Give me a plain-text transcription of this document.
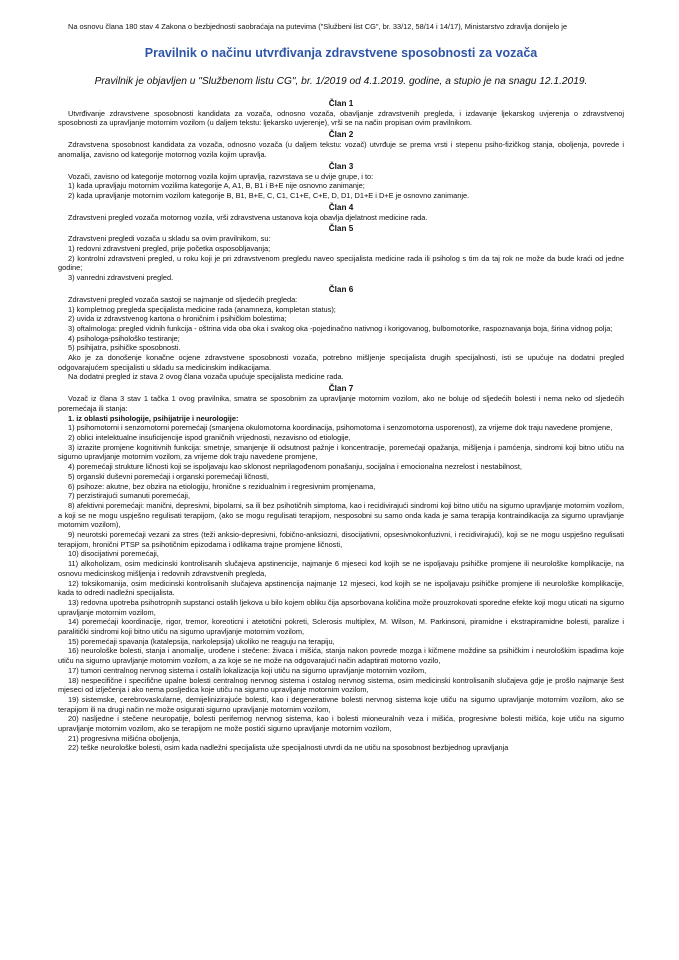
Na osnovu člana 180 stav 4 Zakona o bezbjednosti saobraćaja na putevima ("Službeni list CG", br. 33/12, 58/14 i 14/17), Ministarstvo zdravlja donijelo je

Pravilnik o načinu utvrđivanja zdravstvene sposobnosti za vozača

Pravilnik je objavljen u "Službenom listu CG", br. 1/2019 od 4.1.2019. godine, a stupio je na snagu 12.1.2019.

Član 1

Utvrđivanje zdravstvene sposobnosti kandidata za vozača, odnosno vozača, obavljanje zdravstvenih pregleda, i izdavanje ljekarskog uvjerenja o zdravstvenoj sposobnosti za upravljanje motornim vozilom (u daljem tekstu: ljekarsko uvjerenje), vrši se na način propisan ovim pravilnikom.

Član 2

Zdravstvena sposobnost kandidata za vozača, odnosno vozača (u daljem tekstu: vozač) utvrđuje se prema vrsti i stepenu psiho-fizičkog stanja, oboljenja, povrede i anomalija, zavisno od kategorije motornog vozila kojim upravlja.

Član 3

Vozači, zavisno od kategorije motornog vozila kojim upravlja, razvrstava se u dvije grupe, i to:

1) kada upravljaju motornim vozilima kategorije A, A1, B, B1 i B+E nije osnovno zanimanje;

2) kada upravljanje motornim vozilom kategorije B, B1, B+E, C, C1, C1+E, C+E, D, D1, D1+E i D+E je osnovno zanimanje.

Član 4

Zdravstveni pregled vozača motornog vozila, vrši zdravstvena ustanova koja obavlja djelatnost medicine rada.

Član 5

Zdravstveni pregledi vozača u skladu sa ovim pravilnikom, su:

1) redovni zdravstveni pregled, prije početka osposobljavanja;

2) kontrolni zdravstveni pregled, u roku koji je pri zdravstvenom pregledu naveo specijalista medicine rada ili psiholog s tim da taj rok ne može da bude kraći od jedne godine;

3) vanredni zdravstveni pregled.

Član 6

Zdravstveni pregled vozača sastoji se najmanje od sljedećih pregleda:

1) kompletnog pregleda specijalista medicine rada (anamneza, kompletan status);

2) uvida iz zdravstvenog kartona o hroničnim i psihičkim bolestima;

3) oftalmologa: pregled vidnih funkcija - oštrina vida oba oka i svakog oka -pojedinačno nativnog i korigovanog, bulbomotorike, raspoznavanja boja, širina vidnog polja;

4) psihologa-psihološko testiranje;

5) psihijatra, psihičke sposobnosti.

Ako je za donošenje konačne ocjene zdravstvene sposobnosti vozača, potrebno mišljenje specijalista drugih specijalnosti, isti se upućuje na dodatni pregled odgovarajućem specijalisti u skladu sa medicinskim indikacijama.

Na dodatni pregled iz stava 2 ovog člana vozača upućuje specijalista medicine rada.

Član 7

Vozač iz člana 3 stav 1 tačka 1 ovog pravilnika, smatra se sposobnim za upravljanje motornim vozilom, ako ne boluje od sljedećih bolesti i nema neko od sljedećih poremećaja ili stanja:

1. iz oblasti psihologije, psihijatrije i neurologije:

1) psihomotorni i senzomotorni poremećaji (smanjena okulomotorna koordinacija, psihomotorna i senzomotorna usporenost), za vrijeme dok traju navedene promjene,

2) oblici intelektualne insuficijencije ispod graničnih vrijednosti, nezavisno od etiologije,

3) izrazite promjene kognitivnih funkcija: smetnje, smanjenje ili odsutnost pažnje i koncentracije, poremećaji opažanja, mišljenja i pamćenja, sindromi koji bitno utiču na sigurno upravljanje motornim vozilom, za vrijeme dok traju navedene promjene,

4) poremećaji strukture ličnosti koji se ispoljavaju kao sklonost neprilagođenom ponašanju, socijalna i emocionalna nezrelost i nestabilnost,

5) organski duševni poremećaji i organski poremećaji ličnosti,

6) psihoze: akutne, bez obzira na etiologiju, hronične s rezidualnim i regresivnim promjenama,

7) perzistirajući sumanuti poremećaji,

8) afektivni poremećaji: manični, depresivni, bipolarni, sa ili bez psihotičnih simptoma, kao i recidivirajući sindromi koji bitno utiču na sigurno upravljanje motornim vozilom, a koji se ne mogu uspješno regulisati terapijom, (ako se mogu regulisati terapijom, nesposobni su samo onda kada je sama terapija kontraindikacija za sigurno upravljanje motornim vozilom),

9) neurotski poremećaji vezani za stres (teži anksio-depresivni, fobično-anksiozni, disocijativni, opsesivnokonfuzivni, i recidivirajući), koji se ne mogu uspješno regulisati terapijom, hronični PTSP sa psihotičnim epizodama i odlikama trajne promjene ličnosti,

10) disocijativni poremećaji,

11) alkoholizam, osim medicinski kontrolisanih slučajeva apstinencije, najmanje 6 mjeseci kod kojih se ne ispoljavaju psihičke promjene ili neurološke komplikacije, na osnovu medicinskog mišljenja i redovnih zdravstvenih pregleda,

12) toksikomanija, osim medicinski kontrolisanih slučajeva apstinencija najmanje 12 mjeseci, kod kojih se ne ispoljavaju psihičke promjene ili neurološke komplikacije, kada to odredi nadležni specijalista.

13) redovna upotreba psihotropnih supstanci ostalih ljekova u bilo kojem obliku čija apsorbovana količina može prouzrokovati sporedne efekte koji mogu uticati na sigurno upravljanje motornim vozilom,

14) poremećaji koordinacije, rigor, tremor, koreoticni i atetotični pokreti, Sclerosis multiplex, M. Wilson, M. Parkinsoni, piramidne i ekstrapiramidne bolesti, paralize i paralitički sindromi koji bitno utiču na sigurno upravljanje motornim vozilom,

15) poremećaji spavanja (katalepsija, narkolepsija) ukoliko ne reaguju na terapiju,

16) neurološke bolesti, stanja i anomalije, urođene i stečene: živaca i mišića, stanja nakon povrede mozga i kičmene moždine sa psihičkim i neurološkim ispadima koje utiču na sigurno upravljanje motornim vozilom, a za koje se ne može na odgovarajući način adaptirati motorno vozilo,

17) tumori centralnog nervnog sistema i ostalih lokalizacija koji utiču na sigurno upravljanje motornim vozilom,

18) nespecifične i specifične upalne bolesti centralnog nervnog sistema i ostalog nervnog sistema, osim medicinski kontrolisanih slučajeva gdje je prošlo najmanje šest mjeseci od izlječenja i ako nema posljedica koje utiču na sigurno upravljanje motornim vozilom,

19) sistemske, cerebrovaskularne, demijelinizirajuće bolesti, kao i degenerativne bolesti nervnog sistema koje utiču na sigurno upravljanje motornim vozilom, ako se terapijom ili na drugi način ne može osigurati sigurno upravljanje motornim vozilom,

20) nasljedne i stečene neuropatije, bolesti perifernog nervnog sistema, kao i bolesti mioneuralnih veza i mišića, progresivne bolesti mišića, koje utiču na sigurno upravljanje motornim vozilom, ako se terapijom ne može postići sigurno upravljanje motornim vozilom,

21) progresivna mišićna oboljenja,

22) teške neurološke bolesti, osim kada nadležni specijalista uže specijalnosti utvrdi da ne utiču na sposobnost bezbjednog upravljanja
